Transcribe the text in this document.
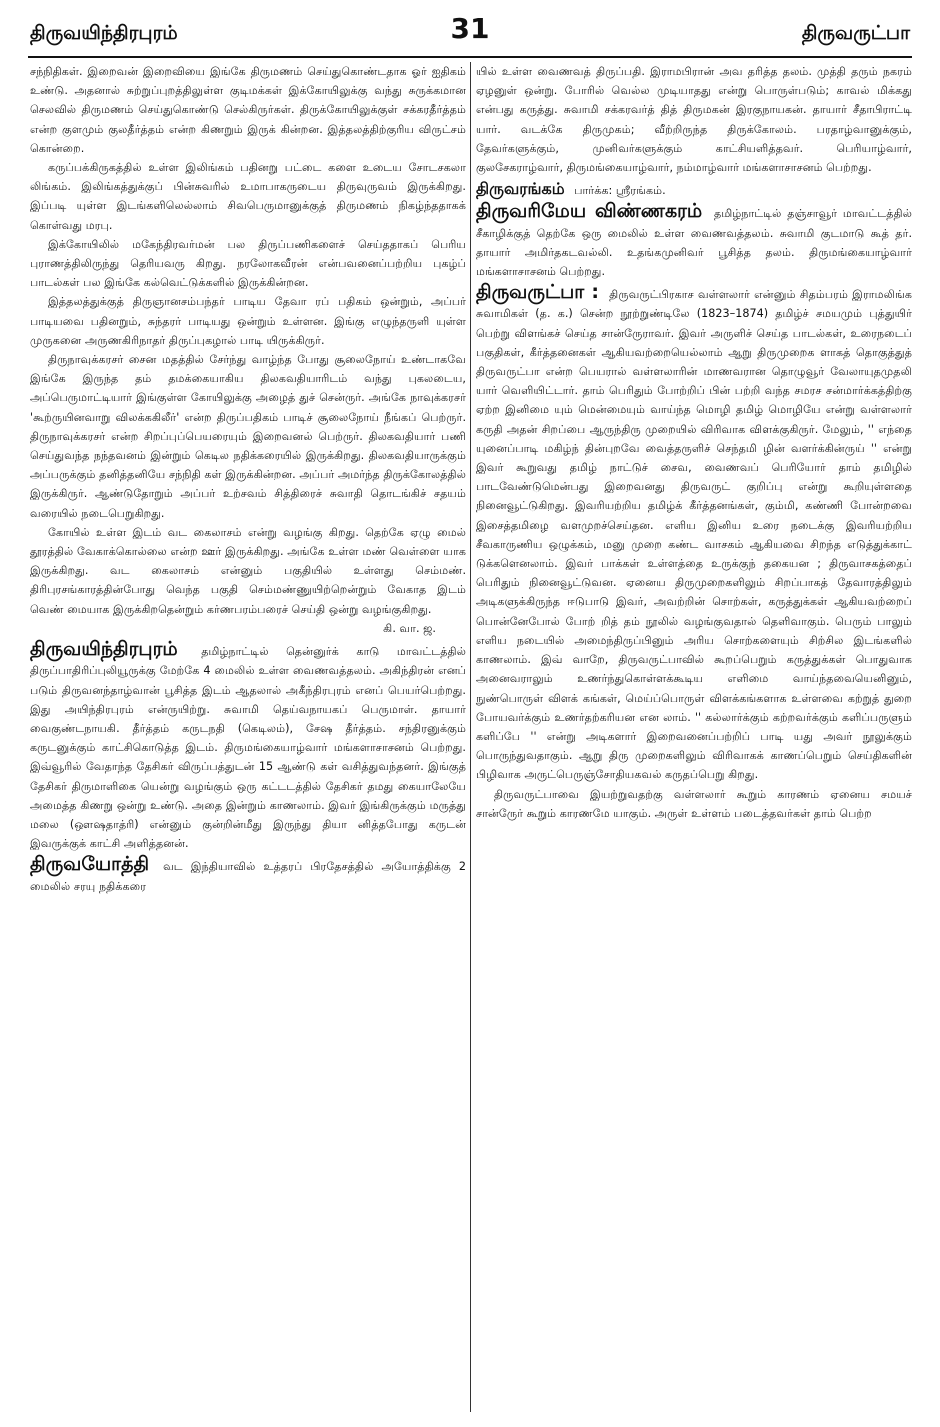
திருவயிந்திரபுரம்	31	திருவருட்பா

சந்நிதிகள். இறைவன் இறைவியை இங்கே திருமணம் செய்துகொண்டதாக ஓர் ஐதிகம் உண்டு. அதனால் சுற்றுப்புறத்திலுள்ள குடிமக்கள் இக்கோயிலுக்கு வந்து சுருக்கமான செலவில் திருமணம் செய்துகொண்டு செல்கிருர்கள். திருக்கோயிலுக்குள் சக்கரதீர்த்தம் என்ற குளமும் குலதீர்த்தம் என்ற கிணறும் இருக் கின்றன. இத்தலத்திற்குரிய விருட்சம் கொன்றை.

கருப்பக்கிருகத்தில் உள்ள இலிங்கம் பதினறு பட்டை களை உடைய சோடசகலா லிங்கம். இலிங்கத்துக்குப் பின்சுவரில் உமாபாகருடைய திருவுருவம் இருக்கிறது. இப்படி யுள்ள இடங்களிலெல்லாம் சிவபெருமானுக்குத் திருமணம் நிகழ்ந்ததாகக் கொள்வது மரபு.

இக்கோயிலில் மகேந்திரவர்மன் பல திருப்பணிகளைச் செய்ததாகப் பெரிய புராணத்திலிருந்து தெரியவரு கிறது. நரலோகவீரன் என்பவனைப்பற்றிய புகழ்ப் பாடல்கள் பல இங்கே கல்வெட்டுக்களில் இருக்கின்றன.

இத்தலத்துக்குத் திருஞானசம்பந்தர் பாடிய தேவா ரப் பதிகம் ஒன்றும், அப்பர் பாடியவை பதினறும், சுந்தரர் பாடியது ஒன்றும் உள்ளன. இங்கு எழுந்தருளி யுள்ள முருகனை அருணகிரிநாதர் திருப்புகழால் பாடி யிருக்கிருர்.

திருநாவுக்கரசர் சைன மதத்தில் சேர்ந்து வாழ்ந்த போது சூலைநோய் உண்டாகவே இங்கே இருந்த தம் தமக்கையாகிய திலகவதியாரிடம் வந்து புகலடைய, அப்பெருமாட்டியார் இங்குள்ள கோயிலுக்கு அழைத் துச் சென்ருர். அங்கே நாவுக்கரசர் 'கூற்ருயினவாறு விலக்ககிலீர்' என்ற திருப்பதிகம் பாடிச் சூலைநோய் நீங்கப் பெற்ருர். திருநாவுக்கரசர் என்ற சிறப்புப்பெயரையும் இறைவனல் பெற்ருர். திலகவதியார் பணி செய்துவந்த நந்தவனம் இன்றும் கெடில நதிக்கரையில் இருக்கிறது. திலகவதியாருக்கும் அப்பருக்கும் தனித்தனியே சந்நிதி கள் இருக்கின்றன. அப்பர் அமர்ந்த திருக்கோலத்தில் இருக்கிருர். ஆண்டுதோறும் அப்பர் உற்சவம் சித்திரைச் சுவாதி தொடங்கிச் சதயம் வரையில் நடைபெறுகிறது.

கோயில் உள்ள இடம் வட கைலாசம் என்று வழங்கு கிறது. தெற்கே ஏழு மைல் தூரத்தில் வேகாக்கொல்லை என்ற ஊர் இருக்கிறது. அங்கே உள்ள மண் வெள்ளை யாக இருக்கிறது. வட கைலாசம் என்னும் பகுதியில் உள்ளது செம்மண். திரிபுரசங்காரத்தின்போது வெந்த பகுதி செம்மண்ணுயிற்றென்றும் வேகாத இடம் வெண் மையாக இருக்கிறதென்றும் கர்ணபரம்பரைச் செய்தி ஒன்று வழங்குகிறது.

கி. வா. ஜ.

திருவயிந்திரபுரம் தமிழ்நாட்டில் தென்னுர்க் காடு மாவட்டத்தில் திருப்பாதிரிப்புலியூருக்கு மேற்கே 4 மைலில் உள்ள வைணவத்தலம். அகிந்திரன் எனப் படும் திருவனந்தாழ்வான் பூசித்த இடம் ஆதலால் அகீந்திரபுரம் எனப் பெயர்பெற்றது. இது அயிந்திரபுரம் என்ருயிற்று. சுவாமி தெய்வநாயகப் பெருமாள். தாயார் வைகுண்டநாயகி. தீர்த்தம் கருடநதி (கெடிலம்), சேஷ தீர்த்தம். சந்திரனுக்கும் கருடனுக்கும் காட்சிகொடுத்த இடம். திருமங்கையாழ்வார் மங்களாசாசனம் பெற்றது. இவ்வூரில் வேதாந்த தேசிகர் விருப்பத்துடன் 15 ஆண்டு கள் வசித்துவந்தனர். இங்குத் தேசிகர் திருமாளிகை யென்று வழங்கும் ஒரு கட்டடத்தில் தேசிகர் தமது கையாலேயே அமைத்த கிணறு ஒன்று உண்டு. அதை இன்றும் காணலாம். இவர் இங்கிருக்கும் மருத்து மலை (ஔஷதாத்ரி) என்னும் குன்றின்மீது இருந்து தியா னித்தபோது கருடன் இவருக்குக் காட்சி அளித்தனன்.

திருவயோத்தி வட இந்தியாவில் உத்தரப் பிரதேசத்தில் அயோத்திக்கு 2 மைலில் சரயு நதிக்கரை

யில் உள்ள வைணவத் திருப்பதி. இராமபிரான் அவ தரித்த தலம். முத்தி தரும் நகரம் ஏழனுள் ஒன்று. போரில் வெல்ல முடியாதது என்று பொருள்படும்; காவல் மிக்கது என்பது கருத்து. சுவாமி சக்கரவர்த் தித் திருமகன் இரகுநாயகன். தாயார் சீதாபிராட்டி யார். வடக்கே திருமுகம்; வீற்றிருந்த திருக்கோலம். பரதாழ்வானுக்கும், தேவர்களுக்கும், முனிவர்களுக்கும் காட்சியளித்தவர். பெரியாழ்வார், குலசேகராழ்வார், திருமங்கையாழ்வார், நம்மாழ்வார் மங்களாசாசனம் பெற்றது.

திருவரங்கம் பார்க்க: ஸ்ரீரங்கம்.

திருவரிமேய விண்ணகரம் தமிழ்நாட்டில் தஞ்சாவூர் மாவட்டத்தில் சீகாழிக்குத் தெற்கே ஒரு மைலில் உள்ள வைணவத்தலம். சுவாமி குடமாடு கூத் தர். தாயார் அமிர்தகடவல்லி. உதங்கமுனிவர் பூசித்த தலம். திருமங்கையாழ்வார் மங்களாசாசனம் பெற்றது.

திருவருட்பா : திருவருட்பிரகாச வள்ளலார் என்னும் சிதம்பரம் இராமலிங்க சுவாமிகள் (த. க.) சென்ற நூற்றுண்டிலே (1823–1874) தமிழ்ச் சமயமும் புத்துயிர் பெற்று விளங்கச் செய்த சான்ருேராவர். இவர் அருளிச் செய்த பாடல்கள், உரைநடைப் பகுதிகள், கீர்த்தனைகள் ஆகியவற்றையெல்லாம் ஆறு திருமுறைக ளாகத் தொகுத்துத் திருவருட்பா என்ற பெயரால் வள்ளலாரின் மாணவரான தொழுவூர் வேலாயுதமுதலி யார் வெளியிட்டார். தாம் பெரிதும் போற்றிப் பின் பற்றி வந்த சமரச சன்மார்க்கத்திற்கு ஏற்ற இனிமை யும் மென்மையும் வாய்ந்த மொழி தமிழ் மொழியே என்று வள்ளலார் கருதி அதன் சிறப்பை ஆருந்திரு முறையில் விரிவாக விளக்குகிருர். மேலும், '' எந்தை யுனைப்பாடி மகிழ்ந் தின்புறவே வைத்தருளிச் செந்தமி ழின் வளர்க்கின்ருய் '' என்று இவர் கூறுவது தமிழ் நாட்டுச் சைவ, வைணவப் பெரியோர் தாம் தமிழில் பாடவேண்டுமென்பது இறைவனது திருவருட் குறிப்பு என்று கூறியுள்ளதை நினைவூட்டுகிறது. இவரியற்றிய தமிழ்க் கீர்த்தனங்கள், கும்மி, கண்ணி போன்றவை இசைத்தமிழை வளமுறச்செய்தன. எளிய இனிய உரை நடைக்கு இவரியற்றிய சீவகாருணிய ஒழுக்கம், மனு முறை கண்ட வாசகம் ஆகியவை சிறந்த எடுத்துக்காட் டுக்களெனலாம். இவர் பாக்கள் உள்ளத்தை உருக்குந் தகையன ; திருவாசகத்தைப் பெரிதும் நினைவூட்டுவன. ஏனைய திருமுறைகளிலும் சிறப்பாகத் தேவாரத்திலும் அடிகளுக்கிருந்த ஈடுபாடு இவர், அவற்றின் சொற்கள், கருத்துக்கள் ஆகியவற்றைப் பொன்னேபோல் போற் றித் தம் நூலில் வழங்குவதால் தெளிவாகும். பெரும் பாலும் எளிய நடையில் அமைந்திருப்பினும் அரிய சொற்களையும் சிற்சில இடங்களில் காணலாம். இவ் வாறே, திருவருட்பாவில் கூறப்பெறும் கருத்துக்கள் பொதுவாக அனைவராலும் உணர்ந்துகொள்ளக்கூடிய எளிமை வாய்ந்தவையெனினும், நுண்பொருள் விளக் கங்கள், மெய்ப்பொருள் விளக்கங்களாக உள்ளவை கற்றுத் துறை போயவர்க்கும் உணர்தற்கரியன என லாம். '' கல்லார்க்கும் கற்றவர்க்கும் களிப்பருளும் களிப்பே '' என்று அடிகளார் இறைவனைப்பற்றிப் பாடி யது அவர் நூலுக்கும் பொருந்துவதாகும். ஆறு திரு முறைகளிலும் விரிவாகக் காணப்பெறும் செய்திகளின் பிழிவாக அருட்பெருஞ்சோதியகவல் கருதப்பெறு கிறது.

திருவருட்பாவை இயற்றுவதற்கு வள்ளலார் கூறும் காரணம் ஏனைய சமயச் சான்ருேர் கூறும் காரணமே யாகும். அருள் உள்ளம் படைத்தவர்கள் தாம் பெற்ற
